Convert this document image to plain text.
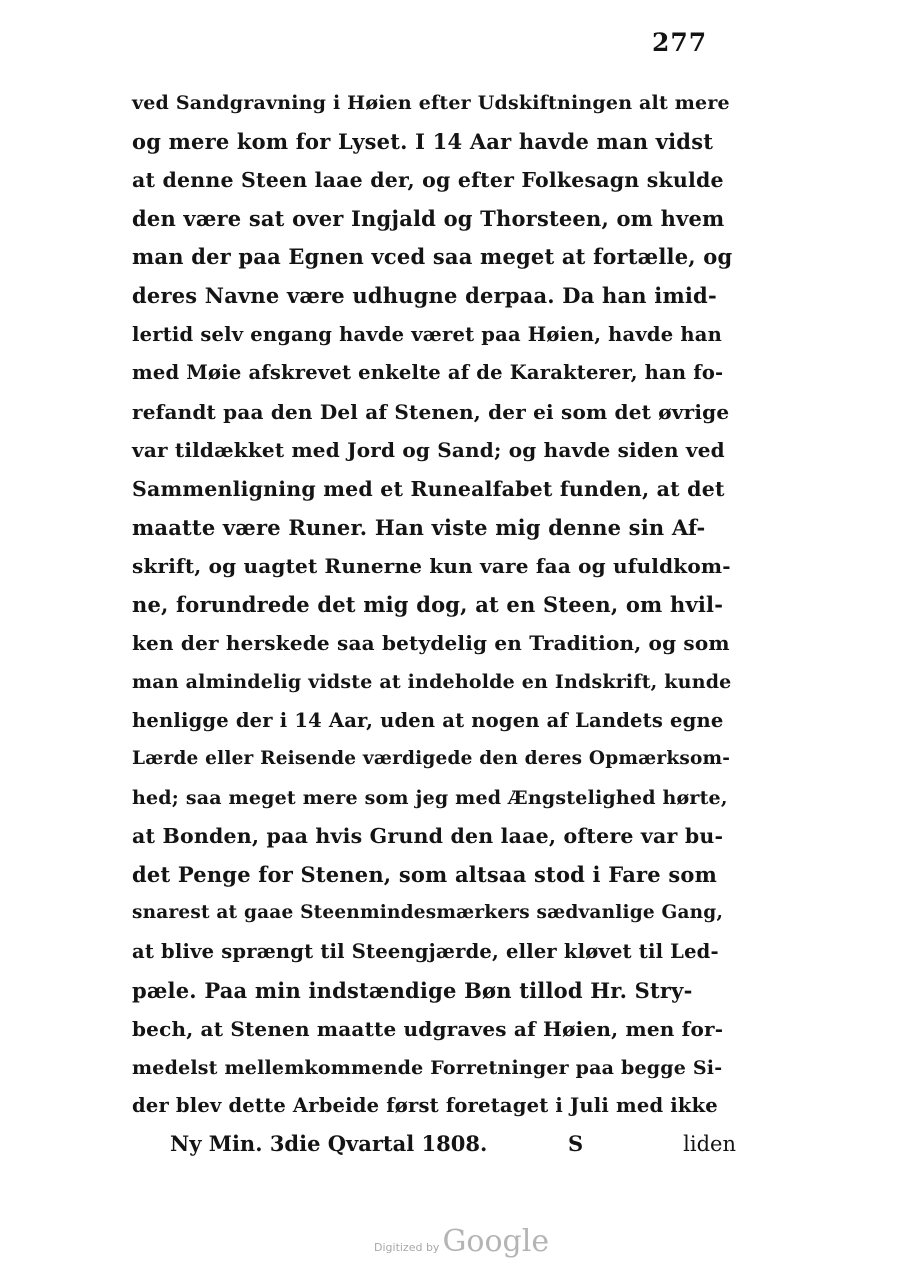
277
ved Sandgravning i Høien efter Udskiftningen alt mere
og mere kom for Lyset. I 14 Aar havde man vidst
at denne Steen laae der, og efter Folkesagn skulde
den være sat over Ingjald og Thorsteen, om hvem
man der paa Egnen vced saa meget at fortælle, og
deres Navne være udhugne derpaa. Da han imid-
lertid selv engang havde været paa Høien, havde han
med Møie afskrevet enkelte af de Karakterer, han fo-
refandt paa den Del af Stenen, der ei som det øvrige
var tildækket med Jord og Sand; og havde siden ved
Sammenligning med et Runealfabet funden, at det
maatte være Runer. Han viste mig denne sin Af-
skrift, og uagtet Runerne kun vare faa og ufuldkom-
ne, forundrede det mig dog, at en Steen, om hvil-
ken der herskede saa betydelig en Tradition, og som
man almindelig vidste at indeholde en Indskrift, kunde
henligge der i 14 Aar, uden at nogen af Landets egne
Lærde eller Reisende værdigede den deres Opmærksom-
hed; saa meget mere som jeg med Ængstelighed hørte,
at Bonden, paa hvis Grund den laae, oftere var bu-
det Penge for Stenen, som altsaa stod i Fare som
snarest at gaae Steenmindesmærkers sædvanlige Gang,
at blive sprængt til Steengjærde, eller kløvet til Led-
pæle. Paa min indstændige Bøn tillod Hr. Stry-
bech, at Stenen maatte udgraves af Høien, men for-
medelst mellemkommende Forretninger paa begge Si-
der blev dette Arbeide først foretaget i Juli med ikke
Ny Min. 3die Qvartal 1808.	S	liden
Digitized by Google
